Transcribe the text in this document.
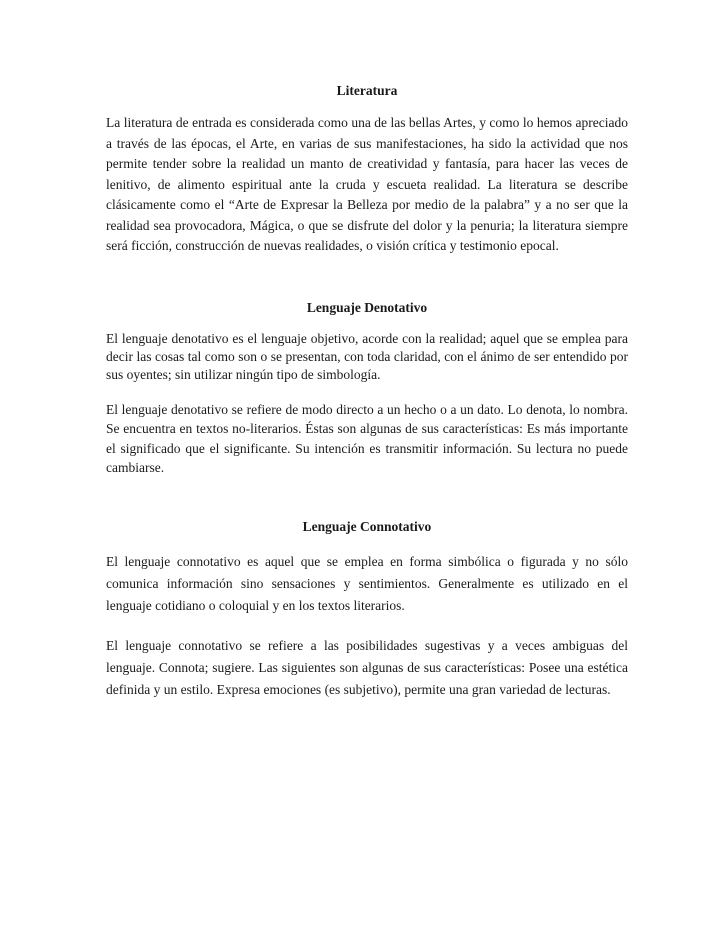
Literatura

La literatura de entrada es considerada como una de las bellas Artes, y como lo hemos apreciado a través de las épocas, el Arte, en varias de sus manifestaciones, ha sido la actividad que nos permite tender sobre la realidad un manto de creatividad y fantasía, para hacer las veces de lenitivo, de alimento espiritual ante la cruda y escueta realidad. La literatura se describe clásicamente como el “Arte de Expresar la Belleza por medio de la palabra” y a no ser que la realidad sea provocadora, Mágica, o que se disfrute del dolor y la penuria; la literatura siempre será ficción, construcción de nuevas realidades, o visión crítica y testimonio epocal.

Lenguaje Denotativo

El lenguaje denotativo es el lenguaje objetivo, acorde con la realidad; aquel que se emplea para decir las cosas tal como son o se presentan, con toda claridad, con el ánimo de ser entendido por sus oyentes; sin utilizar ningún tipo de simbología.

El lenguaje denotativo se refiere de modo directo a un hecho o a un dato. Lo denota, lo nombra. Se encuentra en textos no-literarios. Éstas son algunas de sus características: Es más importante el significado que el significante. Su intención es transmitir información. Su lectura no puede cambiarse.

Lenguaje Connotativo

El lenguaje connotativo es aquel que se emplea en forma simbólica o figurada y no sólo comunica información sino sensaciones y sentimientos. Generalmente es utilizado en el lenguaje cotidiano o coloquial y en los textos literarios.

El lenguaje connotativo se refiere a las posibilidades sugestivas y a veces ambiguas del lenguaje. Connota; sugiere. Las siguientes son algunas de sus características: Posee una estética definida y un estilo. Expresa emociones (es subjetivo), permite una gran variedad de lecturas.
